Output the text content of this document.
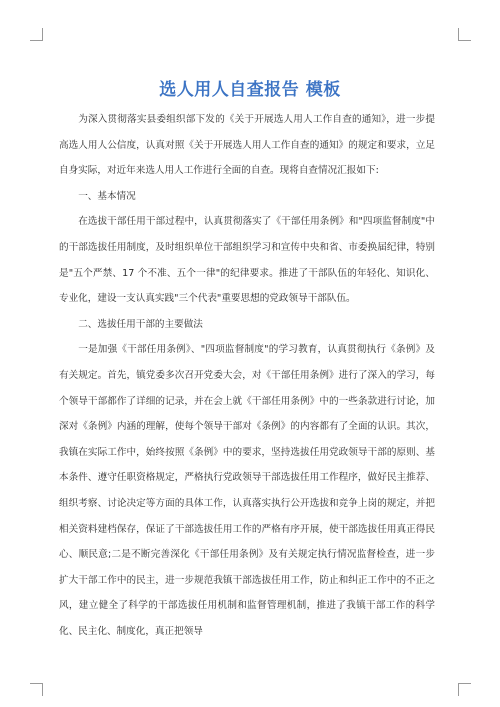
选人用人自查报告 模板

为深入贯彻落实县委组织部下发的《关于开展选人用人工作自查的通知》，进一步提高选人用人公信度，认真对照《关于开展选人用人工作自查的通知》的规定和要求，立足自身实际，对近年来选人用人工作进行全面的自查。现将自查情况汇报如下:

一、基本情况

在选拔干部任用干部过程中，认真贯彻落实了《干部任用条例》和"四项监督制度"中的干部选拔任用制度，及时组织单位干部组织学习和宣传中央和省、市委换届纪律，特别是"五个严禁、17 个不准、五个一律"的纪律要求。推进了干部队伍的年轻化、知识化、专业化，建设一支认真实践"三个代表"重要思想的党政领导干部队伍。

二、选拔任用干部的主要做法

一是加强《干部任用条例》、"四项监督制度"的学习教育，认真贯彻执行《条例》及有关规定。首先，镇党委多次召开党委大会，对《干部任用条例》进行了深入的学习，每个领导干部都作了详细的记录，并在会上就《干部任用条例》中的一些条款进行讨论，加深对《条例》内涵的理解，使每个领导干部对《条例》的内容都有了全面的认识。其次，我镇在实际工作中，始终按照《条例》中的要求，坚持选拔任用党政领导干部的原则、基本条件、遵守任职资格规定，严格执行党政领导干部选拔任用工作程序，做好民主推荐、组织考察、讨论决定等方面的具体工作，认真落实执行公开选拔和竞争上岗的规定，并把相关资料建档保存，保证了干部选拔任用工作的严格有序开展，使干部选拔任用真正得民心、顺民意;二是不断完善深化《干部任用条例》及有关规定执行情况监督检查，进一步扩大干部工作中的民主，进一步规范我镇干部选拔任用工作，防止和纠正工作中的不正之风，建立健全了科学的干部选拔任用机制和监督管理机制，推进了我镇干部工作的科学化、民主化、制度化，真正把领导
